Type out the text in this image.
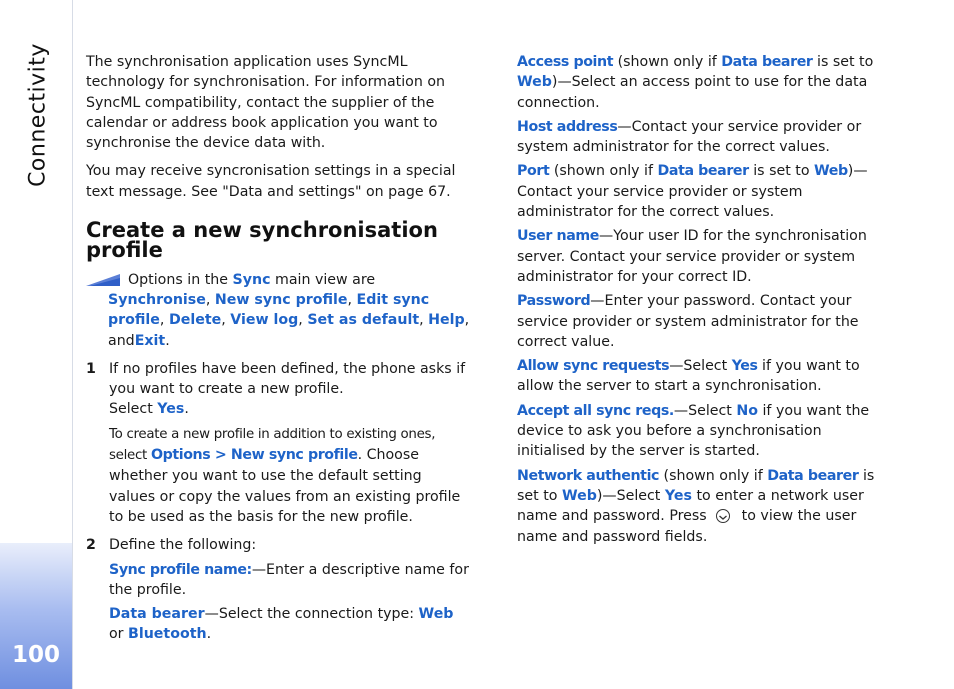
Connectivity
100

The synchronisation application uses SyncML technology for synchronisation. For information on SyncML compatibility, contact the supplier of the calendar or address book application you want to synchronise the device data with.

You may receive syncronisation settings in a special text message. See "Data and settings" on page 67.

Create a new synchronisation profile

Options in the Sync main view are Synchronise, New sync profile, Edit sync profile, Delete, View log, Set as default, Help, andExit.

1 If no profiles have been defined, the phone asks if you want to create a new profile.
Select Yes.

To create a new profile in addition to existing ones, select Options > New sync profile. Choose whether you want to use the default setting values or copy the values from an existing profile to be used as the basis for the new profile.

2 Define the following:

Sync profile name:—Enter a descriptive name for the profile.

Data bearer—Select the connection type: Web or Bluetooth.

Access point (shown only if Data bearer is set to Web)—Select an access point to use for the data connection.

Host address—Contact your service provider or system administrator for the correct values.

Port (shown only if Data bearer is set to Web)—Contact your service provider or system administrator for the correct values.

User name—Your user ID for the synchronisation server. Contact your service provider or system administrator for your correct ID.

Password—Enter your password. Contact your service provider or system administrator for the correct value.

Allow sync requests—Select Yes if you want to allow the server to start a synchronisation.

Accept all sync reqs.—Select No if you want the device to ask you before a synchronisation initialised by the server is started.

Network authentic (shown only if Data bearer is set to Web)—Select Yes to enter a network user name and password. Press  to view the user name and password fields.
